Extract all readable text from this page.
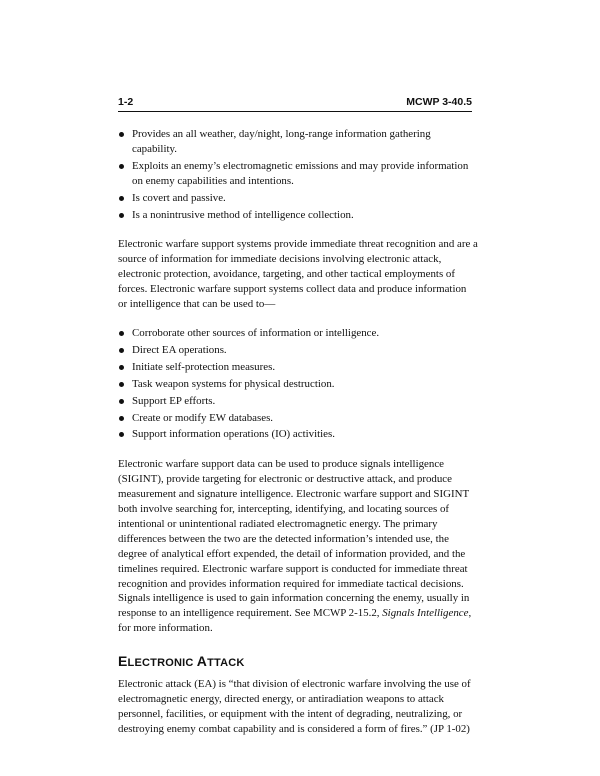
1-2	MCWP 3-40.5
Provides an all weather, day/night, long-range information gathering capability.
Exploits an enemy’s electromagnetic emissions and may provide information on enemy capabilities and intentions.
Is covert and passive.
Is a nonintrusive method of intelligence collection.

Electronic warfare support systems provide immediate threat recognition and are a source of information for immediate decisions involving electronic attack, electronic protection, avoidance, targeting, and other tactical employments of forces. Electronic warfare support systems collect data and produce information or intelligence that can be used to—

Corroborate other sources of information or intelligence.
Direct EA operations.
Initiate self-protection measures.
Task weapon systems for physical destruction.
Support EP efforts.
Create or modify EW databases.
Support information operations (IO) activities.

Electronic warfare support data can be used to produce signals intelligence (SIGINT), provide targeting for electronic or destructive attack, and produce measurement and signature intelligence. Electronic warfare support and SIGINT both involve searching for, intercepting, identifying, and locating sources of intentional or unintentional radiated electromagnetic energy. The primary differences between the two are the detected information’s intended use, the degree of analytical effort expended, the detail of information provided, and the timelines required. Electronic warfare support is conducted for immediate threat recognition and provides information required for immediate tactical decisions. Signals intelligence is used to gain information concerning the enemy, usually in response to an intelligence requirement. See MCWP 2-15.2, Signals Intelligence, for more information.

ELECTRONIC ATTACK

Electronic attack (EA) is “that division of electronic warfare involving the use of electromagnetic energy, directed energy, or antiradiation weapons to attack personnel, facilities, or equipment with the intent of degrading, neutralizing, or destroying enemy combat capability and is considered a form of fires.” (JP 1-02)
